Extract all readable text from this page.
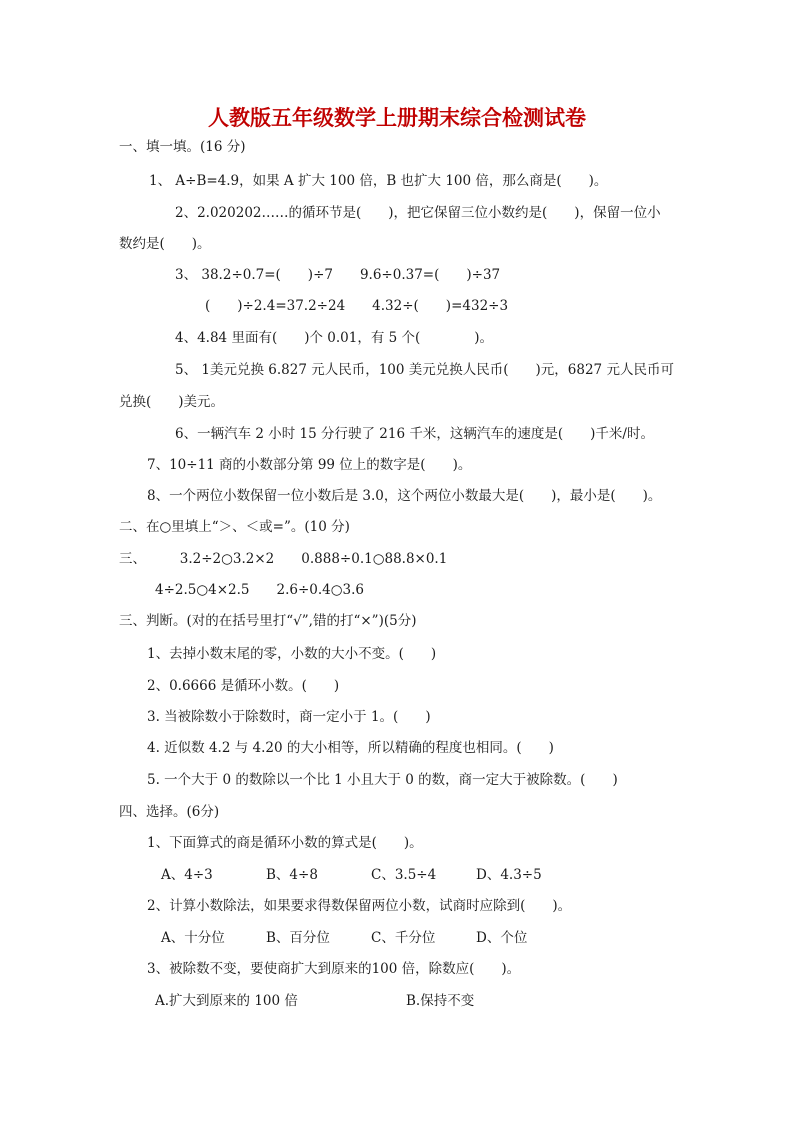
人教版五年级数学上册期末综合检测试卷
一、填一填。(16 分)
1、 A÷B=4.9，如果 A 扩大 100 倍，B 也扩大 100 倍，那么商是(　　)。
2、2.020202……的循环节是(　　)，把它保留三位小数约是(　　)，保留一位小
数约是(　　)。
3、 38.2÷0.7=(　　)÷7　　9.6÷0.37=(　　)÷37
(　　)÷2.4=37.2÷24　　4.32÷(　　)=432÷3
4、4.84 里面有(　　)个 0.01，有 5 个(　　　　)。
5、 1美元兑换 6.827 元人民币，100 美元兑换人民币(　　)元，6827 元人民币可
兑换(　　)美元。
6、一辆汽车 2 小时 15 分行驶了 216 千米，这辆汽车的速度是(　　)千米/时。
7、10÷11 商的小数部分第 99 位上的数字是(　　)。
8、一个两位小数保留一位小数后是 3.0，这个两位小数最大是(　　)，最小是(　　)。
二、在○里填上“＞、＜或=”。(10 分)
三、　　　3.2÷2○3.2×2　　0.888÷0.1○88.8×0.1
4÷2.5○4×2.5　　2.6÷0.4○3.6
三、判断。(对的在括号里打“√”,错的打“×”)(5分)
1、去掉小数末尾的零，小数的大小不变。(　　)
2、0.6666 是循环小数。(　　)
3. 当被除数小于除数时，商一定小于 1。(　　)
4. 近似数 4.2 与 4.20 的大小相等，所以精确的程度也相同。(　　)
5. 一个大于 0 的数除以一个比 1 小且大于 0 的数，商一定大于被除数。(　　)
四、选择。(6分)
1、下面算式的商是循环小数的算式是(　　)。
A、4÷3	B、4÷8	C、3.5÷4	D、4.3÷5
2、计算小数除法，如果要求得数保留两位小数，试商时应除到(　　)。
A、十分位	B、百分位	C、千分位	D、个位
3、被除数不变，要使商扩大到原来的100 倍，除数应(　　)。
A.扩大到原来的 100 倍	B.保持不变
